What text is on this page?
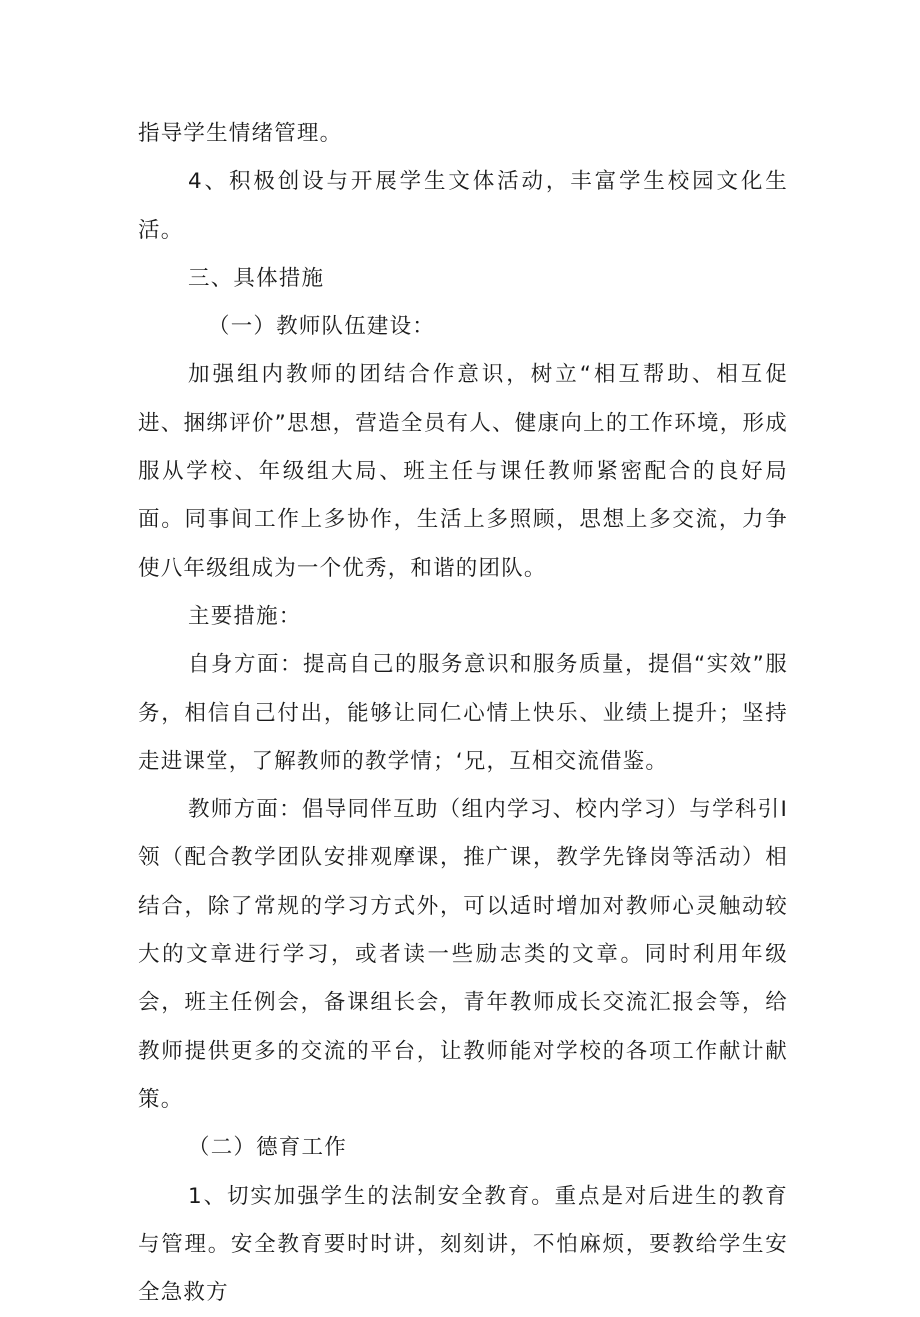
指导学生情绪管理。

4、积极创设与开展学生文体活动，丰富学生校园文化生活。

三、具体措施

（一）教师队伍建设：

加强组内教师的团结合作意识，树立“相互帮助、相互促进、捆绑评价”思想，营造全员有人、健康向上的工作环境，形成服从学校、年级组大局、班主任与课任教师紧密配合的良好局面。同事间工作上多协作，生活上多照顾，思想上多交流，力争使八年级组成为一个优秀，和谐的团队。

主要措施：

自身方面：提高自己的服务意识和服务质量，提倡“实效”服务，相信自己付出，能够让同仁心情上快乐、业绩上提升；坚持走进课堂，了解教师的教学情；‘兄，互相交流借鉴。

教师方面：倡导同伴互助（组内学习、校内学习）与学科引Ⅰ领（配合教学团队安排观摩课，推广课，教学先锋岗等活动）相结合，除了常规的学习方式外，可以适时增加对教师心灵触动较大的文章进行学习，或者读一些励志类的文章。同时利用年级会，班主任例会，备课组长会，青年教师成长交流汇报会等，给教师提供更多的交流的平台，让教师能对学校的各项工作献计献策。

（二）德育工作

1、切实加强学生的法制安全教育。重点是对后进生的教育与管理。安全教育要时时讲，刻刻讲，不怕麻烦，要教给学生安全急救方
